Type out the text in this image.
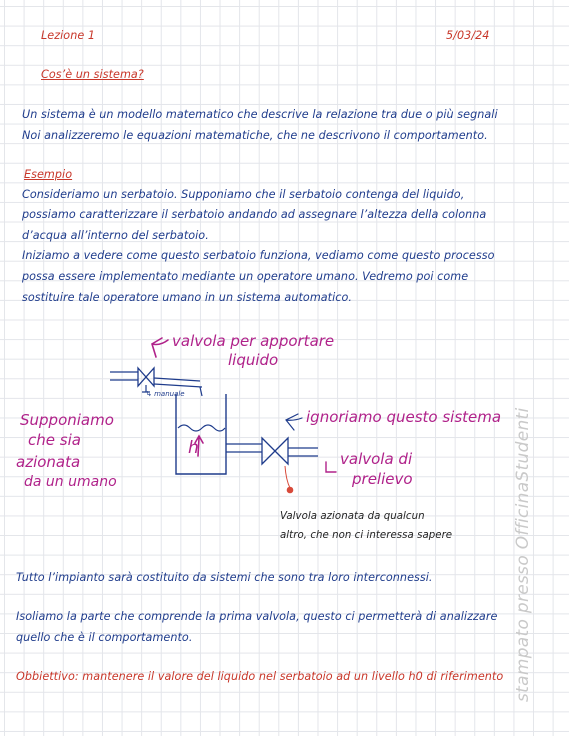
Lezione 1	5/03/24
Cos’è un sistema?
Un sistema è un modello matematico che descrive la relazione tra due o più segnali
Noi analizzeremo le equazioni matematiche, che ne descrivono il comportamento.
Esempio
Consideriamo un serbatoio. Supponiamo che il serbatoio contenga del liquido,
possiamo caratterizzare il serbatoio andando ad assegnare l’altezza della colonna
d’acqua all’interno del serbatoio.
Iniziamo a vedere come questo serbatoio funziona, vediamo come questo processo
possa essere implementato mediante un operatore umano. Vedremo poi come
sostituire tale operatore umano in un sistema automatico.
valvola per apportare
liquido
↳ manuale
Supponiamo
che sia
azionata
da un umano
h
ignoriamo questo sistema
valvola di
prelievo
Valvola azionata da qualcun
altro, che non ci interessa sapere
Tutto l’impianto sarà costituito da sistemi che sono tra loro interconnessi.
Isoliamo la parte che comprende la prima valvola, questo ci permetterà di analizzare
quello che è il comportamento.
Obbiettivo: mantenere il valore del liquido nel serbatoio ad un livello h0 di riferimento stampato presso OfficinaStudenti
